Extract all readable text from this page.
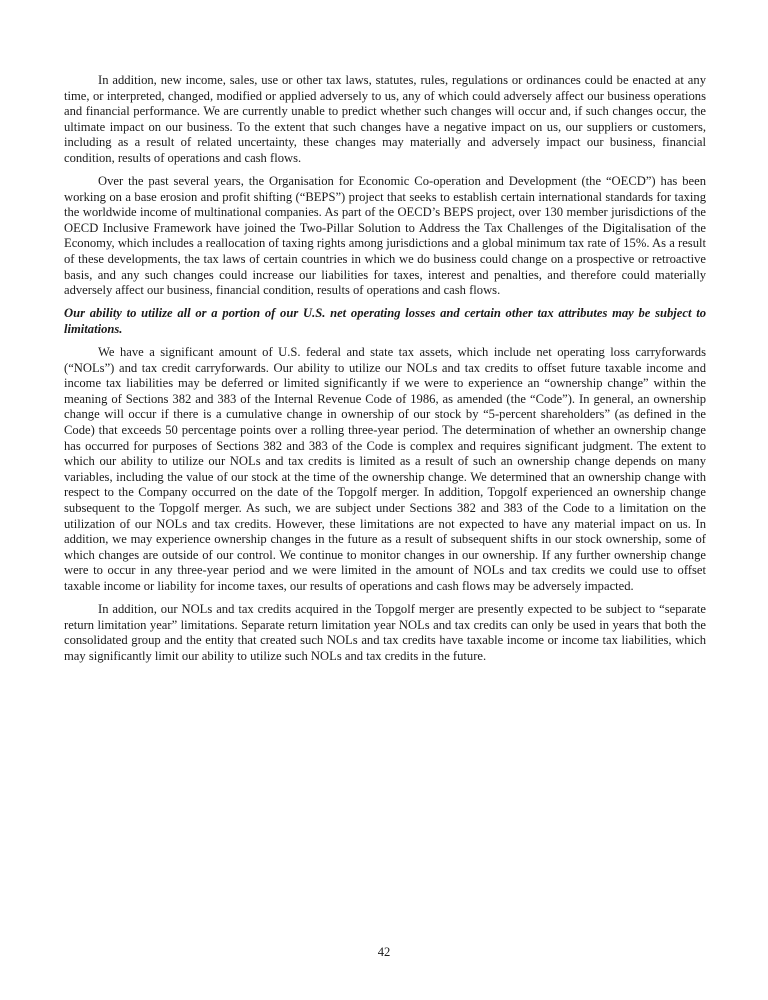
In addition, new income, sales, use or other tax laws, statutes, rules, regulations or ordinances could be enacted at any time, or interpreted, changed, modified or applied adversely to us, any of which could adversely affect our business operations and financial performance. We are currently unable to predict whether such changes will occur and, if such changes occur, the ultimate impact on our business. To the extent that such changes have a negative impact on us, our suppliers or customers, including as a result of related uncertainty, these changes may materially and adversely impact our business, financial condition, results of operations and cash flows.

Over the past several years, the Organisation for Economic Co-operation and Development (the “OECD”) has been working on a base erosion and profit shifting (“BEPS”) project that seeks to establish certain international standards for taxing the worldwide income of multinational companies. As part of the OECD’s BEPS project, over 130 member jurisdictions of the OECD Inclusive Framework have joined the Two-Pillar Solution to Address the Tax Challenges of the Digitalisation of the Economy, which includes a reallocation of taxing rights among jurisdictions and a global minimum tax rate of 15%. As a result of these developments, the tax laws of certain countries in which we do business could change on a prospective or retroactive basis, and any such changes could increase our liabilities for taxes, interest and penalties, and therefore could materially adversely affect our business, financial condition, results of operations and cash flows.

Our ability to utilize all or a portion of our U.S. net operating losses and certain other tax attributes may be subject to limitations.

We have a significant amount of U.S. federal and state tax assets, which include net operating loss carryforwards (“NOLs”) and tax credit carryforwards. Our ability to utilize our NOLs and tax credits to offset future taxable income and income tax liabilities may be deferred or limited significantly if we were to experience an “ownership change” within the meaning of Sections 382 and 383 of the Internal Revenue Code of 1986, as amended (the “Code”). In general, an ownership change will occur if there is a cumulative change in ownership of our stock by “5-percent shareholders” (as defined in the Code) that exceeds 50 percentage points over a rolling three-year period. The determination of whether an ownership change has occurred for purposes of Sections 382 and 383 of the Code is complex and requires significant judgment. The extent to which our ability to utilize our NOLs and tax credits is limited as a result of such an ownership change depends on many variables, including the value of our stock at the time of the ownership change. We determined that an ownership change with respect to the Company occurred on the date of the Topgolf merger. In addition, Topgolf experienced an ownership change subsequent to the Topgolf merger. As such, we are subject under Sections 382 and 383 of the Code to a limitation on the utilization of our NOLs and tax credits. However, these limitations are not expected to have any material impact on us. In addition, we may experience ownership changes in the future as a result of subsequent shifts in our stock ownership, some of which changes are outside of our control. We continue to monitor changes in our ownership. If any further ownership change were to occur in any three-year period and we were limited in the amount of NOLs and tax credits we could use to offset taxable income or liability for income taxes, our results of operations and cash flows may be adversely impacted.

In addition, our NOLs and tax credits acquired in the Topgolf merger are presently expected to be subject to “separate return limitation year” limitations. Separate return limitation year NOLs and tax credits can only be used in years that both the consolidated group and the entity that created such NOLs and tax credits have taxable income or income tax liabilities, which may significantly limit our ability to utilize such NOLs and tax credits in the future.

42
